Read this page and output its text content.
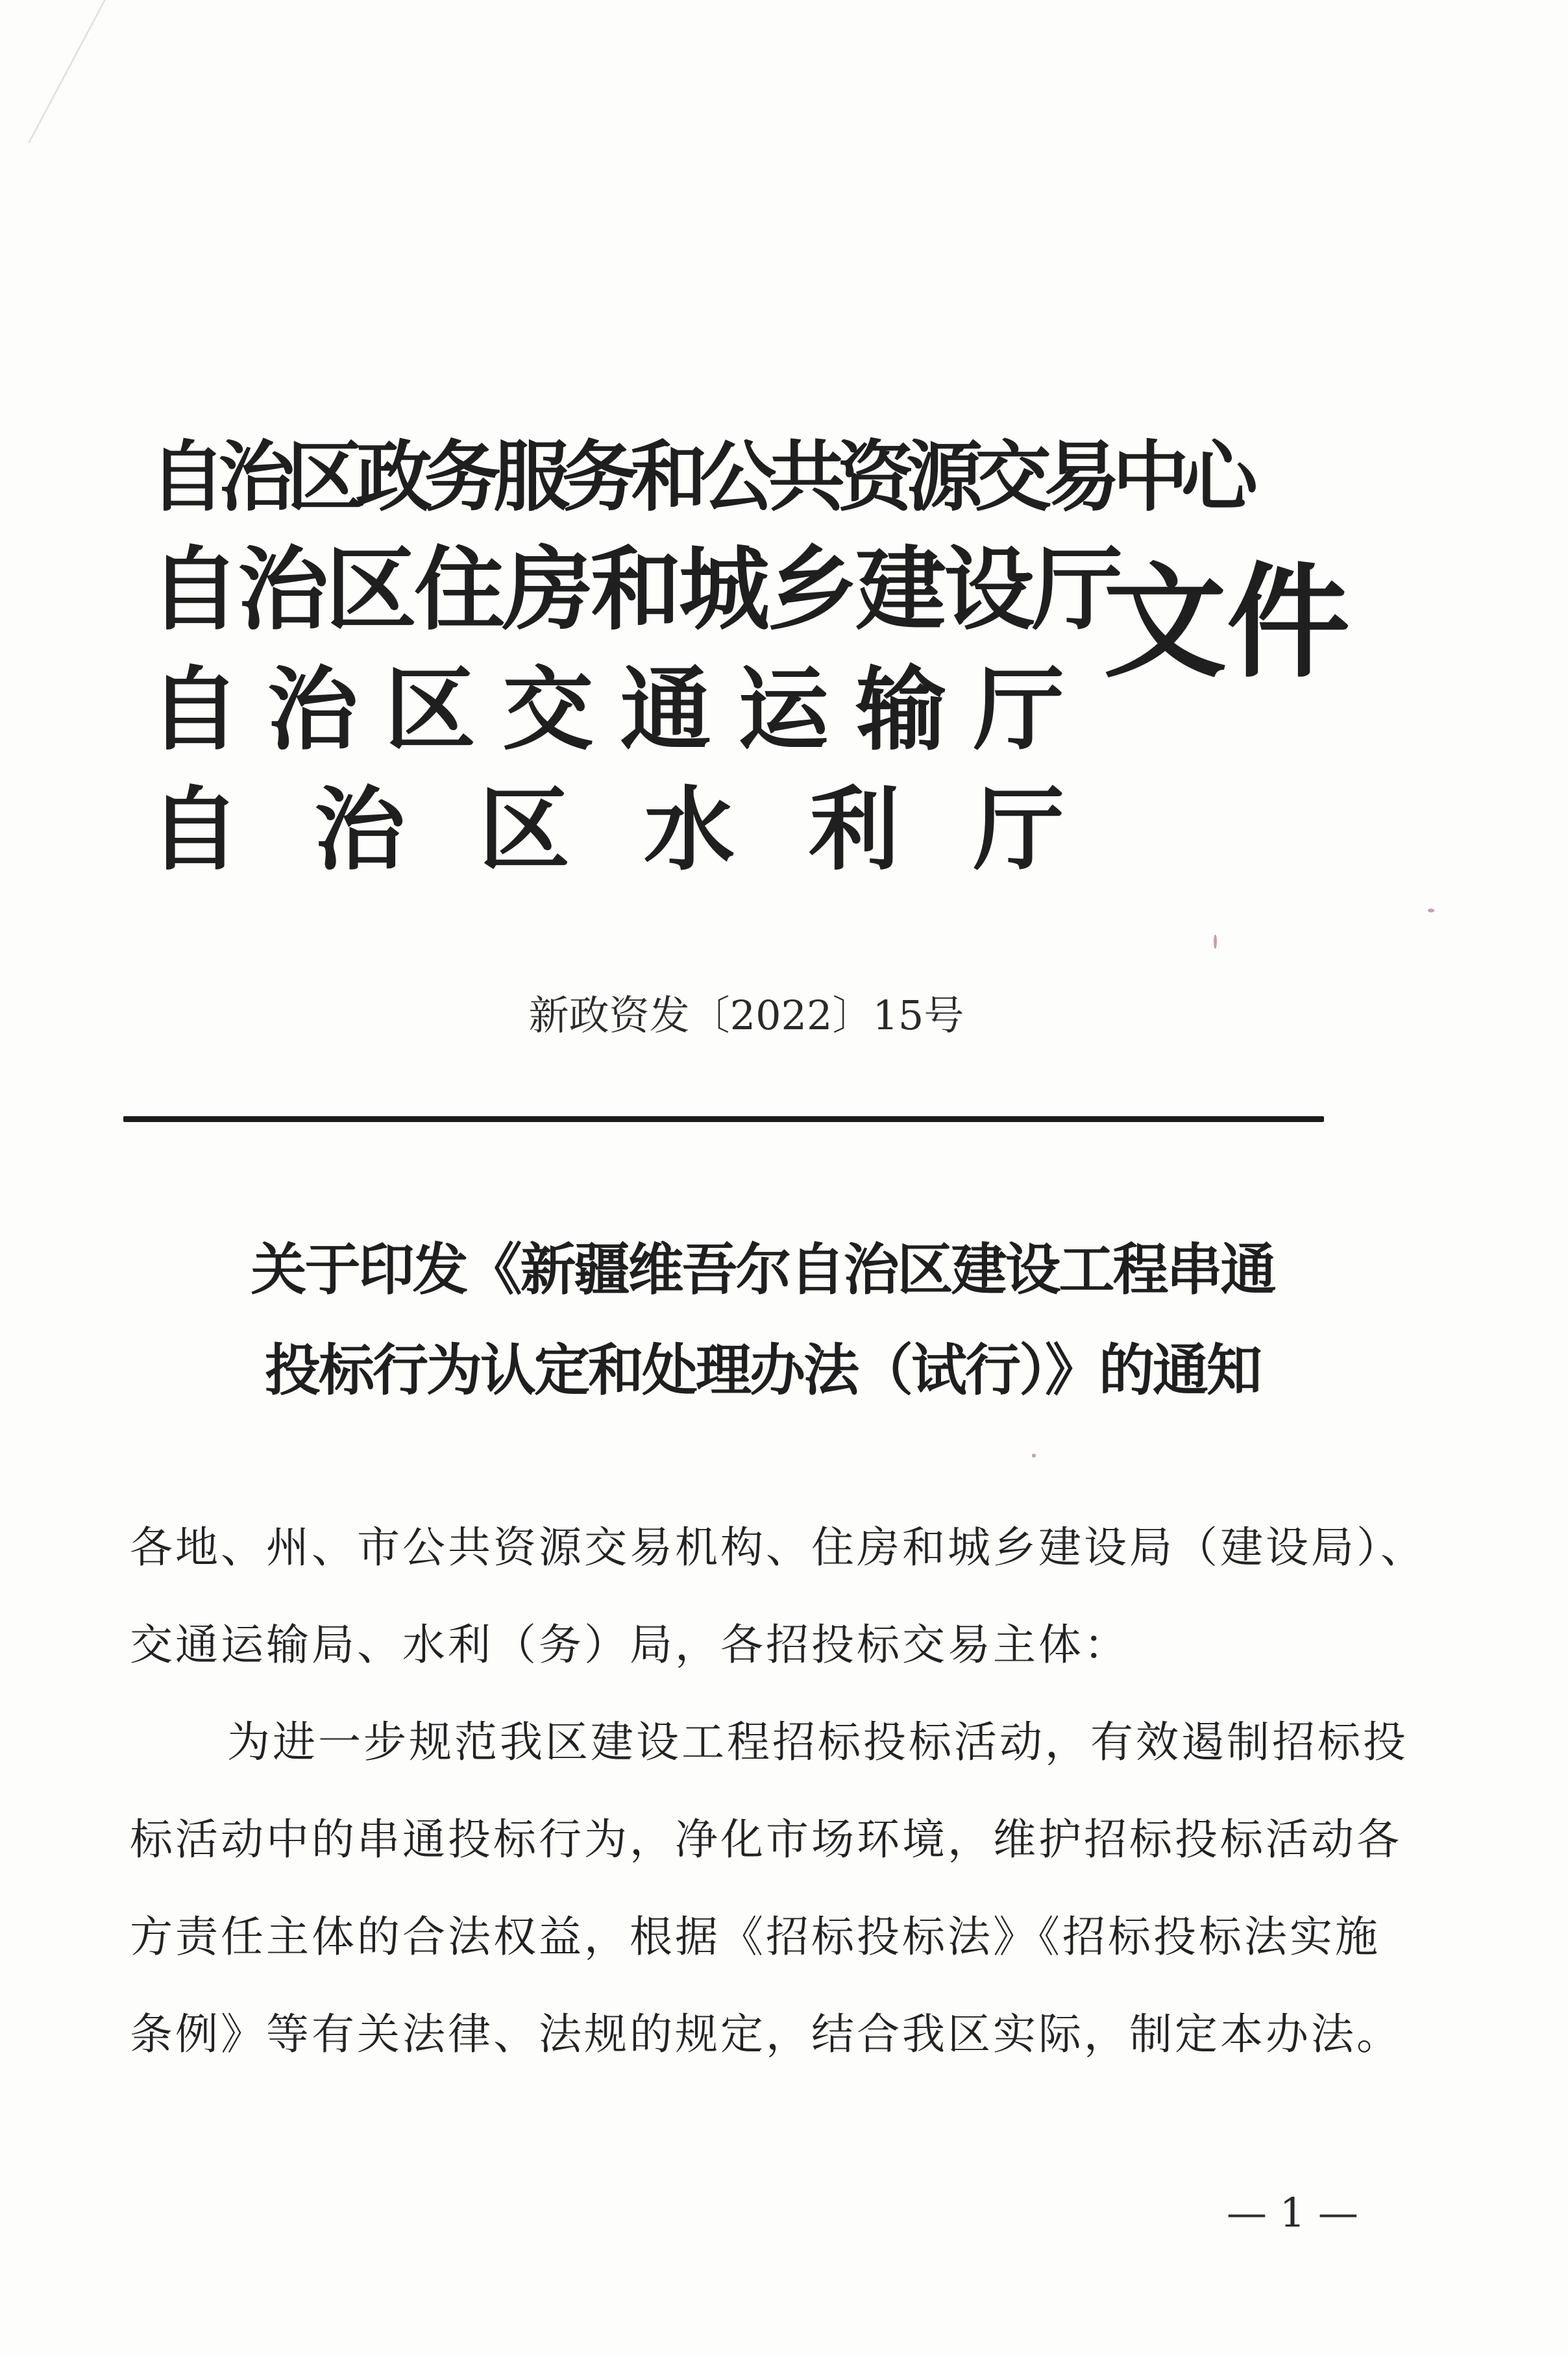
自治区政务服务和公共资源交易中心
自治区住房和城乡建设厅
自 治 区 交 通 运 输 厅
自 治 区 水 利 厅
文件
新政资发〔2022〕15号
关于印发《新疆维吾尔自治区建设工程串通
投标行为认定和处理办法（试行）》的通知
各地、州、市公共资源交易机构、住房和城乡建设局（建设局）、
交通运输局、水利（务）局，各招投标交易主体：
为进一步规范我区建设工程招标投标活动，有效遏制招标投
标活动中的串通投标行为，净化市场环境，维护招标投标活动各
方责任主体的合法权益，根据《招标投标法》《招标投标法实施
条例》等有关法律、法规的规定，结合我区实际，制定本办法。
— 1 —
